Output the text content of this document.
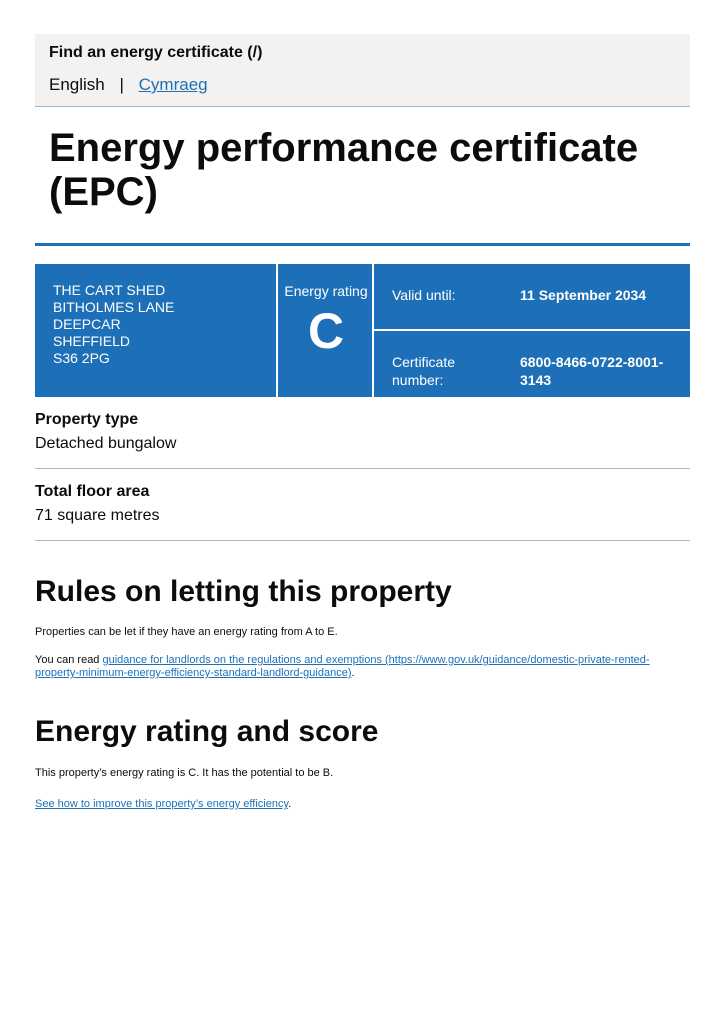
Find an energy certificate (/)
English | Cymraeg
Energy performance certificate (EPC)
THE CART SHED
BITHOLMES LANE
DEEPCAR
SHEFFIELD
S36 2PG
Energy rating
C
Valid until:	11 September 2034
Certificate
number:
6800-8466-0722-8001-
3143
Property type
Detached bungalow
Total floor area
71 square metres
Rules on letting this property

Properties can be let if they have an energy rating from A to E.

You can read guidance for landlords on the regulations and exemptions (https://www.gov.uk/guidance/domestic-private-rented-property-minimum-energy-efficiency-standard-landlord-guidance).

Energy rating and score

This property’s energy rating is C. It has the potential to be B.

See how to improve this property’s energy efficiency.
